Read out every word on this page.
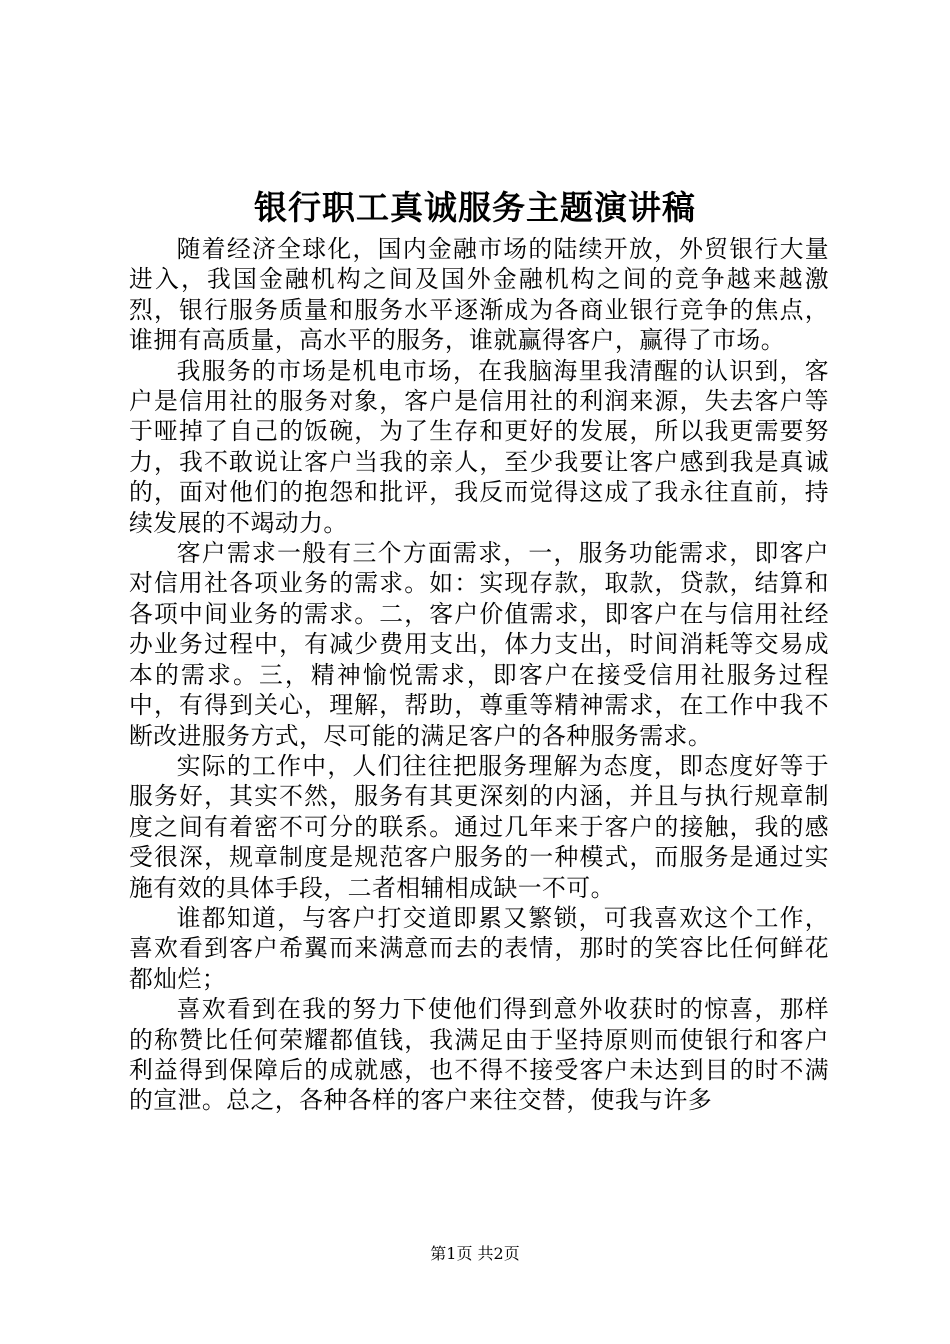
银行职工真诚服务主题演讲稿

随着经济全球化，国内金融市场的陆续开放，外贸银行大量进入，我国金融机构之间及国外金融机构之间的竞争越来越激烈，银行服务质量和服务水平逐渐成为各商业银行竞争的焦点，谁拥有高质量，高水平的服务，谁就赢得客户，赢得了市场。

我服务的市场是机电市场，在我脑海里我清醒的认识到，客户是信用社的服务对象，客户是信用社的利润来源，失去客户等于哑掉了自己的饭碗，为了生存和更好的发展，所以我更需要努力，我不敢说让客户当我的亲人，至少我要让客户感到我是真诚的，面对他们的抱怨和批评，我反而觉得这成了我永往直前，持续发展的不竭动力。

客户需求一般有三个方面需求，一，服务功能需求，即客户对信用社各项业务的需求。如：实现存款，取款，贷款，结算和各项中间业务的需求。二，客户价值需求，即客户在与信用社经办业务过程中，有减少费用支出，体力支出，时间消耗等交易成本的需求。三，精神愉悦需求，即客户在接受信用社服务过程中，有得到关心，理解，帮助，尊重等精神需求，在工作中我不断改进服务方式，尽可能的满足客户的各种服务需求。

实际的工作中，人们往往把服务理解为态度，即态度好等于服务好，其实不然，服务有其更深刻的内涵，并且与执行规章制度之间有着密不可分的联系。通过几年来于客户的接触，我的感受很深，规章制度是规范客户服务的一种模式，而服务是通过实施有效的具体手段，二者相辅相成缺一不可。

谁都知道，与客户打交道即累又繁锁，可我喜欢这个工作，喜欢看到客户希翼而来满意而去的表情，那时的笑容比任何鲜花都灿烂；

喜欢看到在我的努力下使他们得到意外收获时的惊喜，那样的称赞比任何荣耀都值钱，我满足由于坚持原则而使银行和客户利益得到保障后的成就感，也不得不接受客户未达到目的时不满的宣泄。总之，各种各样的客户来往交替，使我与许多

第1页 共2页
